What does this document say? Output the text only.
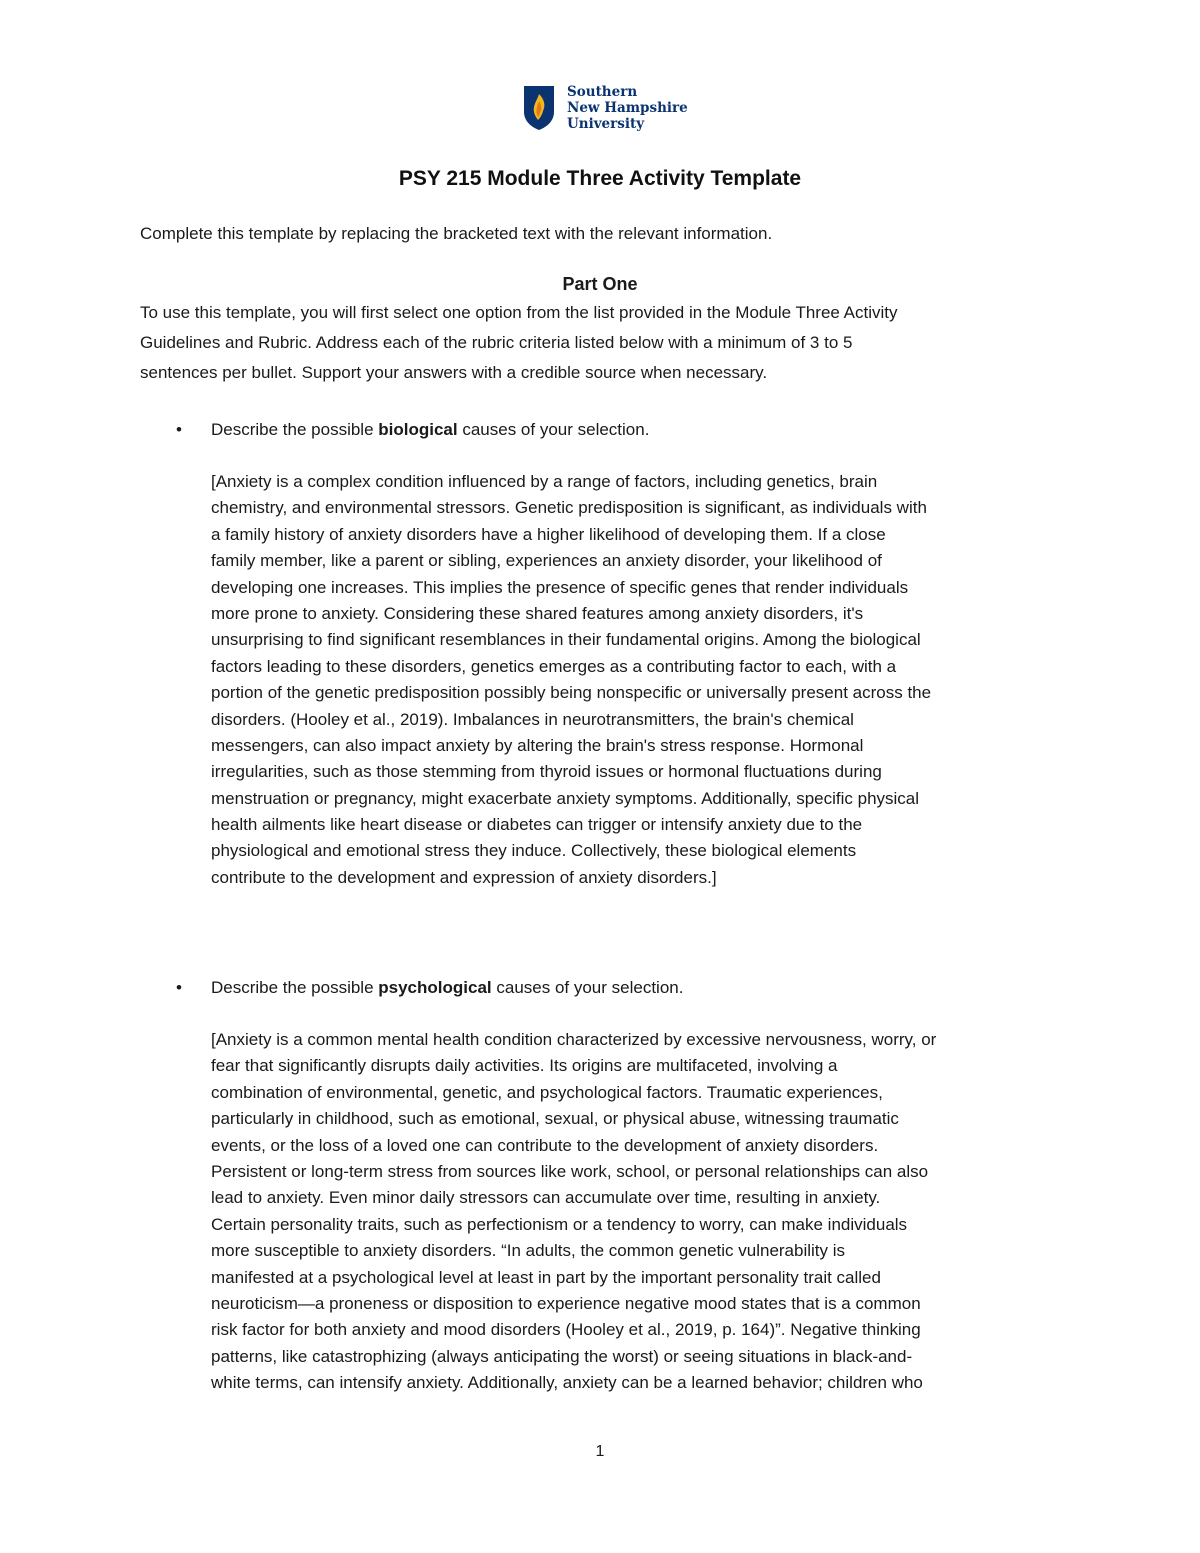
Southern
New Hampshire
University
PSY 215 Module Three Activity Template
Complete this template by replacing the bracketed text with the relevant information.
Part One
To use this template, you will first select one option from the list provided in the Module Three Activity
Guidelines and Rubric. Address each of the rubric criteria listed below with a minimum of 3 to 5
sentences per bullet. Support your answers with a credible source when necessary.
• Describe the possible biological causes of your selection.
[Anxiety is a complex condition influenced by a range of factors, including genetics, brain
chemistry, and environmental stressors. Genetic predisposition is significant, as individuals with
a family history of anxiety disorders have a higher likelihood of developing them. If a close
family member, like a parent or sibling, experiences an anxiety disorder, your likelihood of
developing one increases. This implies the presence of specific genes that render individuals
more prone to anxiety. Considering these shared features among anxiety disorders, it's
unsurprising to find significant resemblances in their fundamental origins. Among the biological
factors leading to these disorders, genetics emerges as a contributing factor to each, with a
portion of the genetic predisposition possibly being nonspecific or universally present across the
disorders. (Hooley et al., 2019). Imbalances in neurotransmitters, the brain's chemical
messengers, can also impact anxiety by altering the brain's stress response. Hormonal
irregularities, such as those stemming from thyroid issues or hormonal fluctuations during
menstruation or pregnancy, might exacerbate anxiety symptoms. Additionally, specific physical
health ailments like heart disease or diabetes can trigger or intensify anxiety due to the
physiological and emotional stress they induce. Collectively, these biological elements
contribute to the development and expression of anxiety disorders.]
• Describe the possible psychological causes of your selection.
[Anxiety is a common mental health condition characterized by excessive nervousness, worry, or
fear that significantly disrupts daily activities. Its origins are multifaceted, involving a
combination of environmental, genetic, and psychological factors. Traumatic experiences,
particularly in childhood, such as emotional, sexual, or physical abuse, witnessing traumatic
events, or the loss of a loved one can contribute to the development of anxiety disorders.
Persistent or long-term stress from sources like work, school, or personal relationships can also
lead to anxiety. Even minor daily stressors can accumulate over time, resulting in anxiety.
Certain personality traits, such as perfectionism or a tendency to worry, can make individuals
more susceptible to anxiety disorders. “In adults, the common genetic vulnerability is
manifested at a psychological level at least in part by the important personality trait called
neuroticism—a proneness or disposition to experience negative mood states that is a common
risk factor for both anxiety and mood disorders (Hooley et al., 2019, p. 164)”. Negative thinking
patterns, like catastrophizing (always anticipating the worst) or seeing situations in black-and-
white terms, can intensify anxiety. Additionally, anxiety can be a learned behavior; children who
1
